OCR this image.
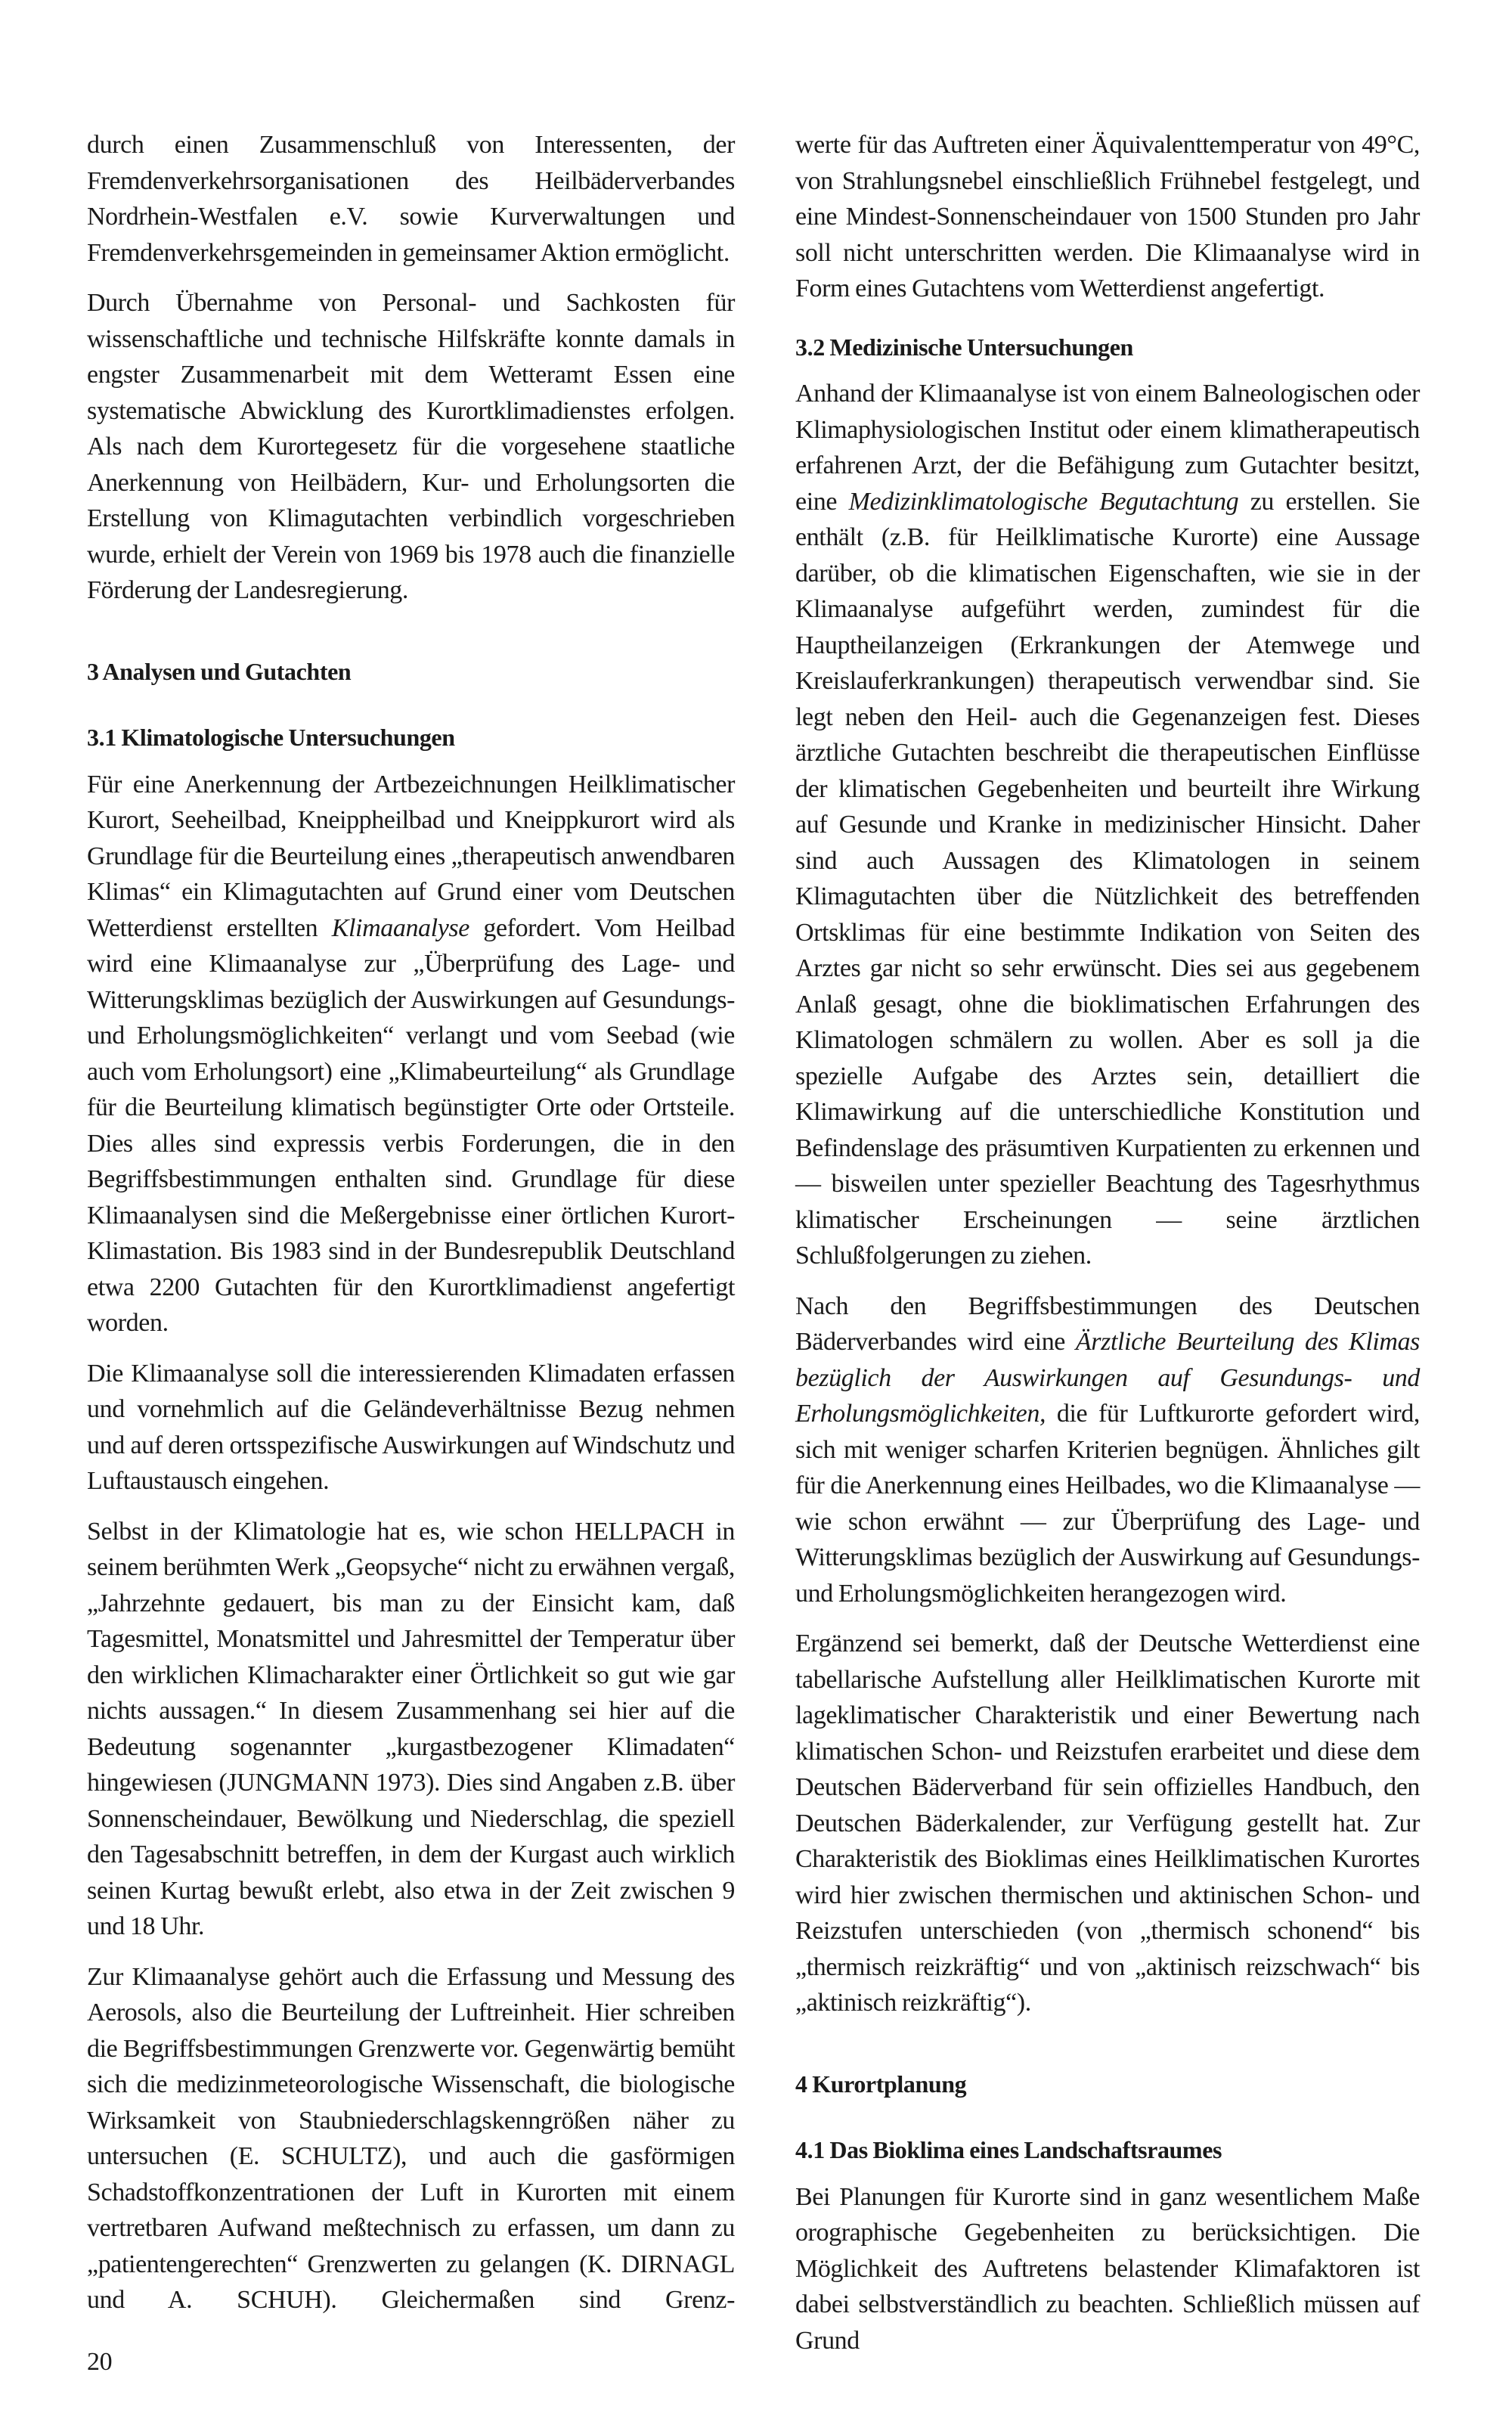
durch einen Zusammenschluß von Interessenten, der Fremdenverkehrsorganisationen des Heilbäderverbandes Nordrhein-Westfalen e.V. sowie Kurverwaltungen und Fremdenverkehrsgemeinden in gemeinsamer Aktion ermöglicht.
Durch Übernahme von Personal- und Sachkosten für wissenschaftliche und technische Hilfskräfte konnte damals in engster Zusammenarbeit mit dem Wetteramt Essen eine systematische Abwicklung des Kurortklimadienstes erfolgen. Als nach dem Kurortegesetz für die vorgesehene staatliche Anerkennung von Heilbädern, Kur- und Erholungsorten die Erstellung von Klimagutachten verbindlich vorgeschrieben wurde, erhielt der Verein von 1969 bis 1978 auch die finanzielle Förderung der Landesregierung.
3 Analysen und Gutachten
3.1 Klimatologische Untersuchungen
Für eine Anerkennung der Artbezeichnungen Heilklimatischer Kurort, Seeheilbad, Kneippheilbad und Kneippkurort wird als Grundlage für die Beurteilung eines „therapeutisch anwendbaren Klimas“ ein Klimagutachten auf Grund einer vom Deutschen Wetterdienst erstellten Klimaanalyse gefordert. Vom Heilbad wird eine Klimaanalyse zur „Überprüfung des Lage- und Witterungsklimas bezüglich der Auswirkungen auf Gesundungs- und Erholungsmöglichkeiten“ verlangt und vom Seebad (wie auch vom Erholungsort) eine „Klimabeurteilung“ als Grundlage für die Beurteilung klimatisch begünstigter Orte oder Ortsteile. Dies alles sind expressis verbis Forderungen, die in den Begriffsbestimmungen enthalten sind. Grundlage für diese Klimaanalysen sind die Meßergebnisse einer örtlichen Kurort-Klimastation. Bis 1983 sind in der Bundesrepublik Deutschland etwa 2200 Gutachten für den Kurortklimadienst angefertigt worden.
Die Klimaanalyse soll die interessierenden Klimadaten erfassen und vornehmlich auf die Geländeverhältnisse Bezug nehmen und auf deren ortsspezifische Auswirkungen auf Windschutz und Luftaustausch eingehen.
Selbst in der Klimatologie hat es, wie schon HELLPACH in seinem berühmten Werk „Geopsyche“ nicht zu erwähnen vergaß, „Jahrzehnte gedauert, bis man zu der Einsicht kam, daß Tagesmittel, Monatsmittel und Jahresmittel der Temperatur über den wirklichen Klimacharakter einer Örtlichkeit so gut wie gar nichts aussagen.“ In diesem Zusammenhang sei hier auf die Bedeutung sogenannter „kurgastbezogener Klimadaten“ hingewiesen (JUNGMANN 1973). Dies sind Angaben z.B. über Sonnenscheindauer, Bewölkung und Niederschlag, die speziell den Tagesabschnitt betreffen, in dem der Kurgast auch wirklich seinen Kurtag bewußt erlebt, also etwa in der Zeit zwischen 9 und 18 Uhr.
Zur Klimaanalyse gehört auch die Erfassung und Messung des Aerosols, also die Beurteilung der Luftreinheit. Hier schreiben die Begriffsbestimmungen Grenzwerte vor. Gegenwärtig bemüht sich die medizinmeteorologische Wissenschaft, die biologische Wirksamkeit von Staubniederschlagskenngrößen näher zu untersuchen (E. SCHULTZ), und auch die gasförmigen Schadstoffkonzentrationen der Luft in Kurorten mit einem vertretbaren Aufwand meßtechnisch zu erfassen, um dann zu „patientengerechten“ Grenzwerten zu gelangen (K. DIRNAGL und A. SCHUH). Gleichermaßen sind Grenz-
20
werte für das Auftreten einer Äquivalenttemperatur von 49°C, von Strahlungsnebel einschließlich Frühnebel festgelegt, und eine Mindest-Sonnenscheindauer von 1500 Stunden pro Jahr soll nicht unterschritten werden. Die Klimaanalyse wird in Form eines Gutachtens vom Wetterdienst angefertigt.
3.2 Medizinische Untersuchungen
Anhand der Klimaanalyse ist von einem Balneologischen oder Klimaphysiologischen Institut oder einem klimatherapeutisch erfahrenen Arzt, der die Befähigung zum Gutachter besitzt, eine Medizinklimatologische Begutachtung zu erstellen. Sie enthält (z.B. für Heilklimatische Kurorte) eine Aussage darüber, ob die klimatischen Eigenschaften, wie sie in der Klimaanalyse aufgeführt werden, zumindest für die Hauptheilanzeigen (Erkrankungen der Atemwege und Kreislauferkrankungen) therapeutisch verwendbar sind. Sie legt neben den Heil- auch die Gegenanzeigen fest. Dieses ärztliche Gutachten beschreibt die therapeutischen Einflüsse der klimatischen Gegebenheiten und beurteilt ihre Wirkung auf Gesunde und Kranke in medizinischer Hinsicht. Daher sind auch Aussagen des Klimatologen in seinem Klimagutachten über die Nützlichkeit des betreffenden Ortsklimas für eine bestimmte Indikation von Seiten des Arztes gar nicht so sehr erwünscht. Dies sei aus gegebenem Anlaß gesagt, ohne die bioklimatischen Erfahrungen des Klimatologen schmälern zu wollen. Aber es soll ja die spezielle Aufgabe des Arztes sein, detailliert die Klimawirkung auf die unterschiedliche Konstitution und Befindenslage des präsumtiven Kurpatienten zu erkennen und — bisweilen unter spezieller Beachtung des Tagesrhythmus klimatischer Erscheinungen — seine ärztlichen Schlußfolgerungen zu ziehen.
Nach den Begriffsbestimmungen des Deutschen Bäderverbandes wird eine Ärztliche Beurteilung des Klimas bezüglich der Auswirkungen auf Gesundungs- und Erholungsmöglichkeiten, die für Luftkurorte gefordert wird, sich mit weniger scharfen Kriterien begnügen. Ähnliches gilt für die Anerkennung eines Heilbades, wo die Klimaanalyse — wie schon erwähnt — zur Überprüfung des Lage- und Witterungsklimas bezüglich der Auswirkung auf Gesundungs- und Erholungsmöglichkeiten herangezogen wird.
Ergänzend sei bemerkt, daß der Deutsche Wetterdienst eine tabellarische Aufstellung aller Heilklimatischen Kurorte mit lageklimatischer Charakteristik und einer Bewertung nach klimatischen Schon- und Reizstufen erarbeitet und diese dem Deutschen Bäderverband für sein offizielles Handbuch, den Deutschen Bäderkalender, zur Verfügung gestellt hat. Zur Charakteristik des Bioklimas eines Heilklimatischen Kurortes wird hier zwischen thermischen und aktinischen Schon- und Reizstufen unterschieden (von „thermisch schonend“ bis „thermisch reizkräftig“ und von „aktinisch reizschwach“ bis „aktinisch reizkräftig“).
4 Kurortplanung
4.1 Das Bioklima eines Landschaftsraumes
Bei Planungen für Kurorte sind in ganz wesentlichem Maße orographische Gegebenheiten zu berücksichtigen. Die Möglichkeit des Auftretens belastender Klimafaktoren ist dabei selbstverständlich zu beachten. Schließlich müssen auf Grund
